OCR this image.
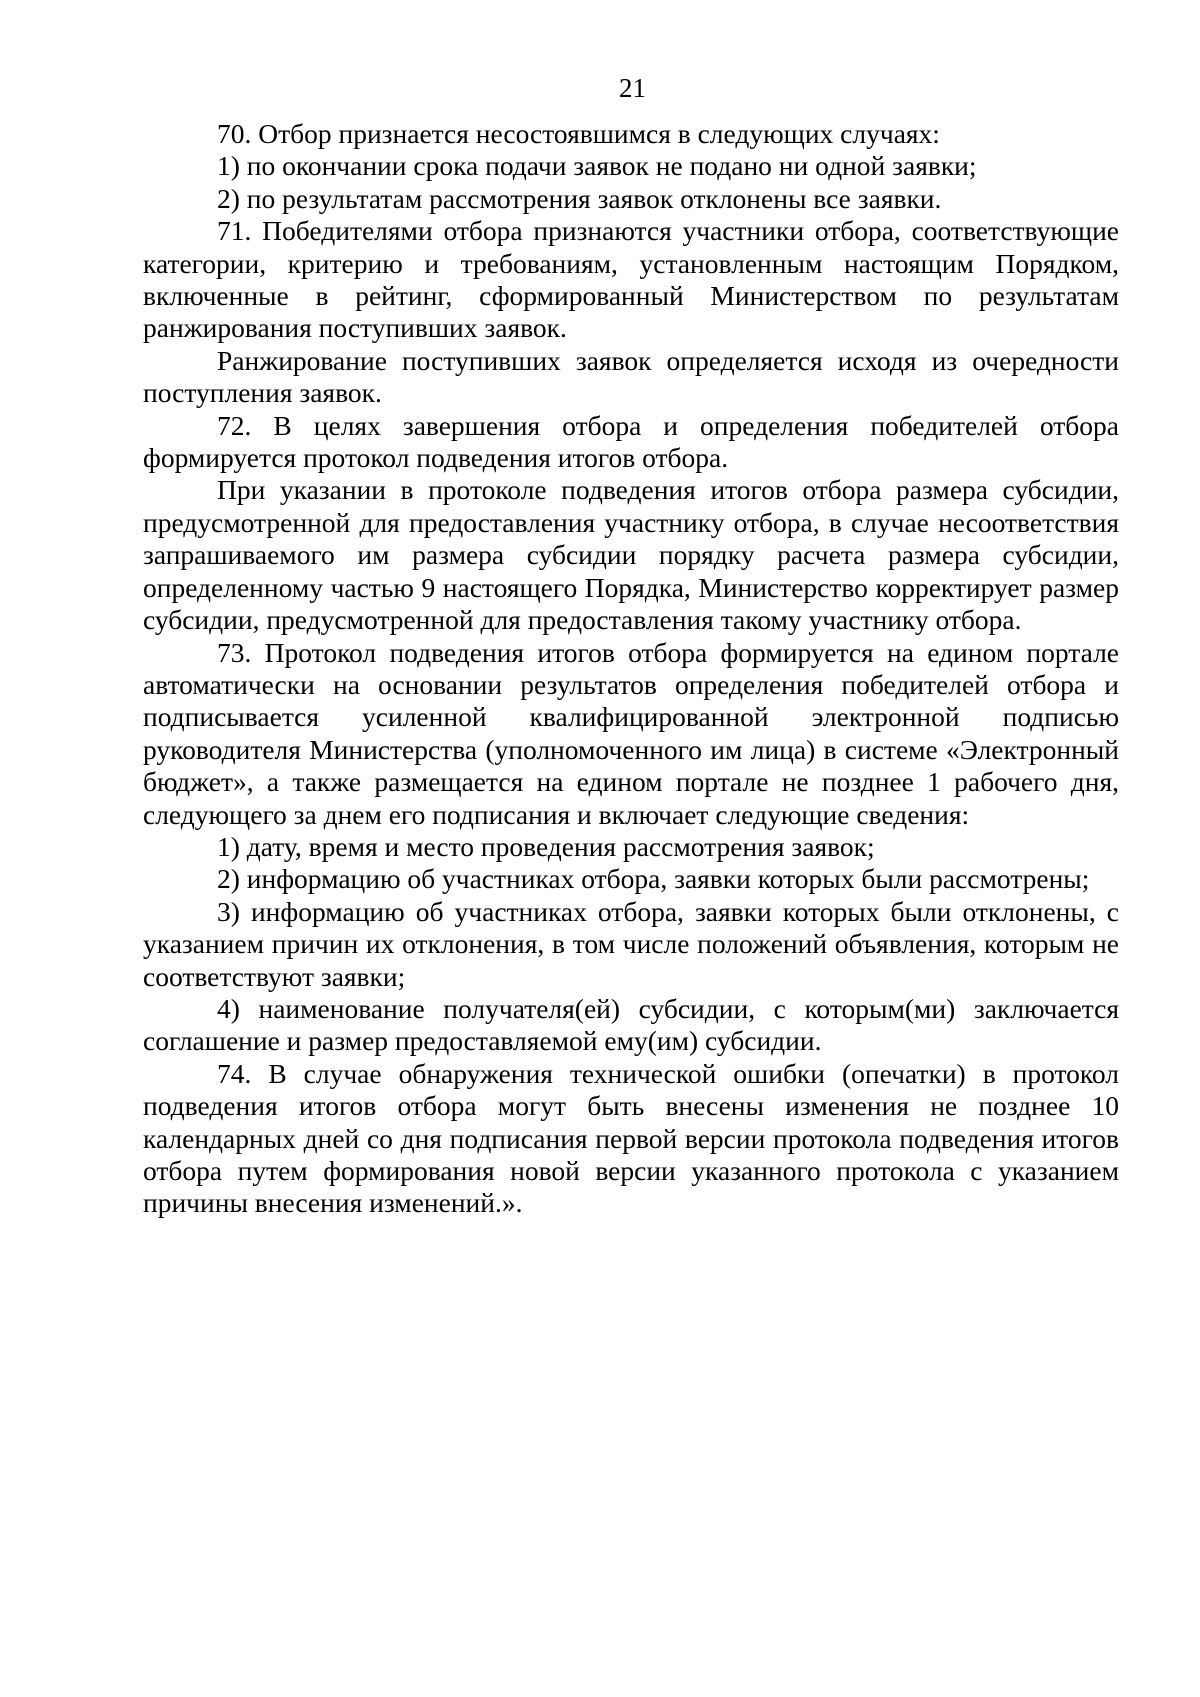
21

70. Отбор признается несостоявшимся в следующих случаях:

1) по окончании срока подачи заявок не подано ни одной заявки;

2) по результатам рассмотрения заявок отклонены все заявки.

71. Победителями отбора признаются участники отбора, соответствующие категории, критерию и требованиям, установленным настоящим Порядком, включенные в рейтинг, сформированный Министерством по результатам ранжирования поступивших заявок.

Ранжирование поступивших заявок определяется исходя из очередности поступления заявок.

72. В целях завершения отбора и определения победителей отбора формируется протокол подведения итогов отбора.

При указании в протоколе подведения итогов отбора размера субсидии, предусмотренной для предоставления участнику отбора, в случае несоответствия запрашиваемого им размера субсидии порядку расчета размера субсидии, определенному частью 9 настоящего Порядка, Министерство корректирует размер субсидии, предусмотренной для предоставления такому участнику отбора.

73. Протокол подведения итогов отбора формируется на едином портале автоматически на основании результатов определения победителей отбора и подписывается усиленной квалифицированной электронной подписью руководителя Министерства (уполномоченного им лица) в системе «Электронный бюджет», а также размещается на едином портале не позднее 1 рабочего дня, следующего за днем его подписания и включает следующие сведения:

1) дату, время и место проведения рассмотрения заявок;

2) информацию об участниках отбора, заявки которых были рассмотрены;

3) информацию об участниках отбора, заявки которых были отклонены, с указанием причин их отклонения, в том числе положений объявления, которым не соответствуют заявки;

4) наименование получателя(ей) субсидии, с которым(ми) заключается соглашение и размер предоставляемой ему(им) субсидии.

74. В случае обнаружения технической ошибки (опечатки) в протокол подведения итогов отбора могут быть внесены изменения не позднее 10 календарных дней со дня подписания первой версии протокола подведения итогов отбора путем формирования новой версии указанного протокола с указанием причины внесения изменений.».
